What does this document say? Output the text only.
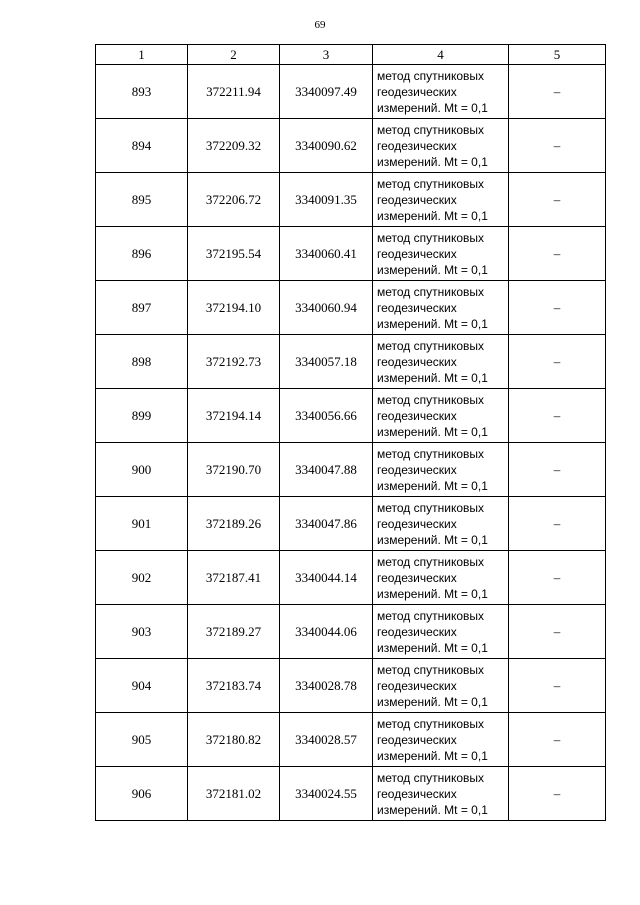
69
1	2	3	4	5
893	372211.94	3340097.49	метод спутниковых
геодезических
измерений. Mt = 0,1	–
894	372209.32	3340090.62	метод спутниковых
геодезических
измерений. Mt = 0,1	–
895	372206.72	3340091.35	метод спутниковых
геодезических
измерений. Mt = 0,1	–
896	372195.54	3340060.41	метод спутниковых
геодезических
измерений. Mt = 0,1	–
897	372194.10	3340060.94	метод спутниковых
геодезических
измерений. Mt = 0,1	–
898	372192.73	3340057.18	метод спутниковых
геодезических
измерений. Mt = 0,1	–
899	372194.14	3340056.66	метод спутниковых
геодезических
измерений. Mt = 0,1	–
900	372190.70	3340047.88	метод спутниковых
геодезических
измерений. Mt = 0,1	–
901	372189.26	3340047.86	метод спутниковых
геодезических
измерений. Mt = 0,1	–
902	372187.41	3340044.14	метод спутниковых
геодезических
измерений. Mt = 0,1	–
903	372189.27	3340044.06	метод спутниковых
геодезических
измерений. Mt = 0,1	–
904	372183.74	3340028.78	метод спутниковых
геодезических
измерений. Mt = 0,1	–
905	372180.82	3340028.57	метод спутниковых
геодезических
измерений. Mt = 0,1	–
906	372181.02	3340024.55	метод спутниковых
геодезических
измерений. Mt = 0,1	–
